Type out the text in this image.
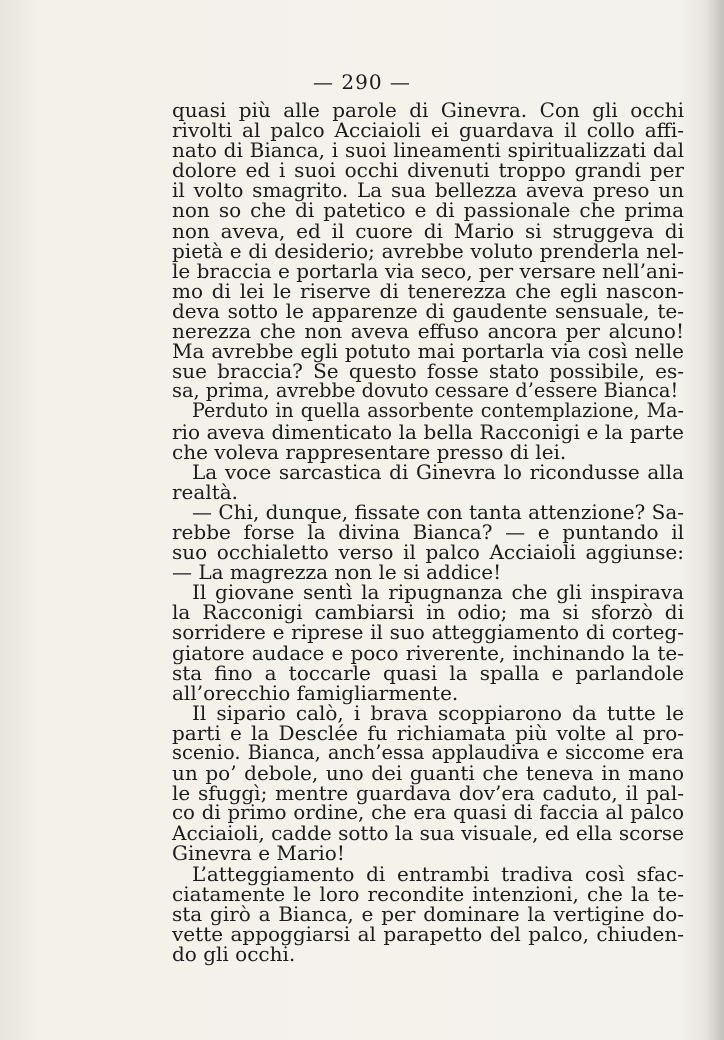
— 290 —
quasi più alle parole di Ginevra. Con gli occhi
rivolti al palco Acciaioli ei guardava il collo affi-
nato di Bianca, i suoi lineamenti spiritualizzati dal
dolore ed i suoi occhi divenuti troppo grandi per
il volto smagrito. La sua bellezza aveva preso un
non so che di patetico e di passionale che prima
non aveva, ed il cuore di Mario si struggeva di
pietà e di desiderio; avrebbe voluto prenderla nel-
le braccia e portarla via seco, per versare nell’ani-
mo di lei le riserve di tenerezza che egli nascon-
deva sotto le apparenze di gaudente sensuale, te-
nerezza che non aveva effuso ancora per alcuno!
Ma avrebbe egli potuto mai portarla via così nelle
sue braccia? Se questo fosse stato possibile, es-
sa, prima, avrebbe dovuto cessare d’essere Bianca!
Perduto in quella assorbente contemplazione, Ma-
rio aveva dimenticato la bella Racconigi e la parte
che voleva rappresentare presso di lei.
La voce sarcastica di Ginevra lo ricondusse alla
realtà.
— Chi, dunque, fissate con tanta attenzione? Sa-
rebbe forse la divina Bianca? — e puntando il
suo occhialetto verso il palco Acciaioli aggiunse:
— La magrezza non le si addice!
Il giovane sentì la ripugnanza che gli inspirava
la Racconigi cambiarsi in odio; ma si sforzò di
sorridere e riprese il suo atteggiamento di corteg-
giatore audace e poco riverente, inchinando la te-
sta fino a toccarle quasi la spalla e parlandole
all’orecchio famigliarmente.
Il sipario calò, i brava scoppiarono da tutte le
parti e la Desclée fu richiamata più volte al pro-
scenio. Bianca, anch’essa applaudiva e siccome era
un po’ debole, uno dei guanti che teneva in mano
le sfuggì; mentre guardava dov’era caduto, il pal-
co di primo ordine, che era quasi di faccia al palco
Acciaioli, cadde sotto la sua visuale, ed ella scorse
Ginevra e Mario!
L’atteggiamento di entrambi tradiva così sfac-
ciatamente le loro recondite intenzioni, che la te-
sta girò a Bianca, e per dominare la vertigine do-
vette appoggiarsi al parapetto del palco, chiuden-
do gli occhi.
